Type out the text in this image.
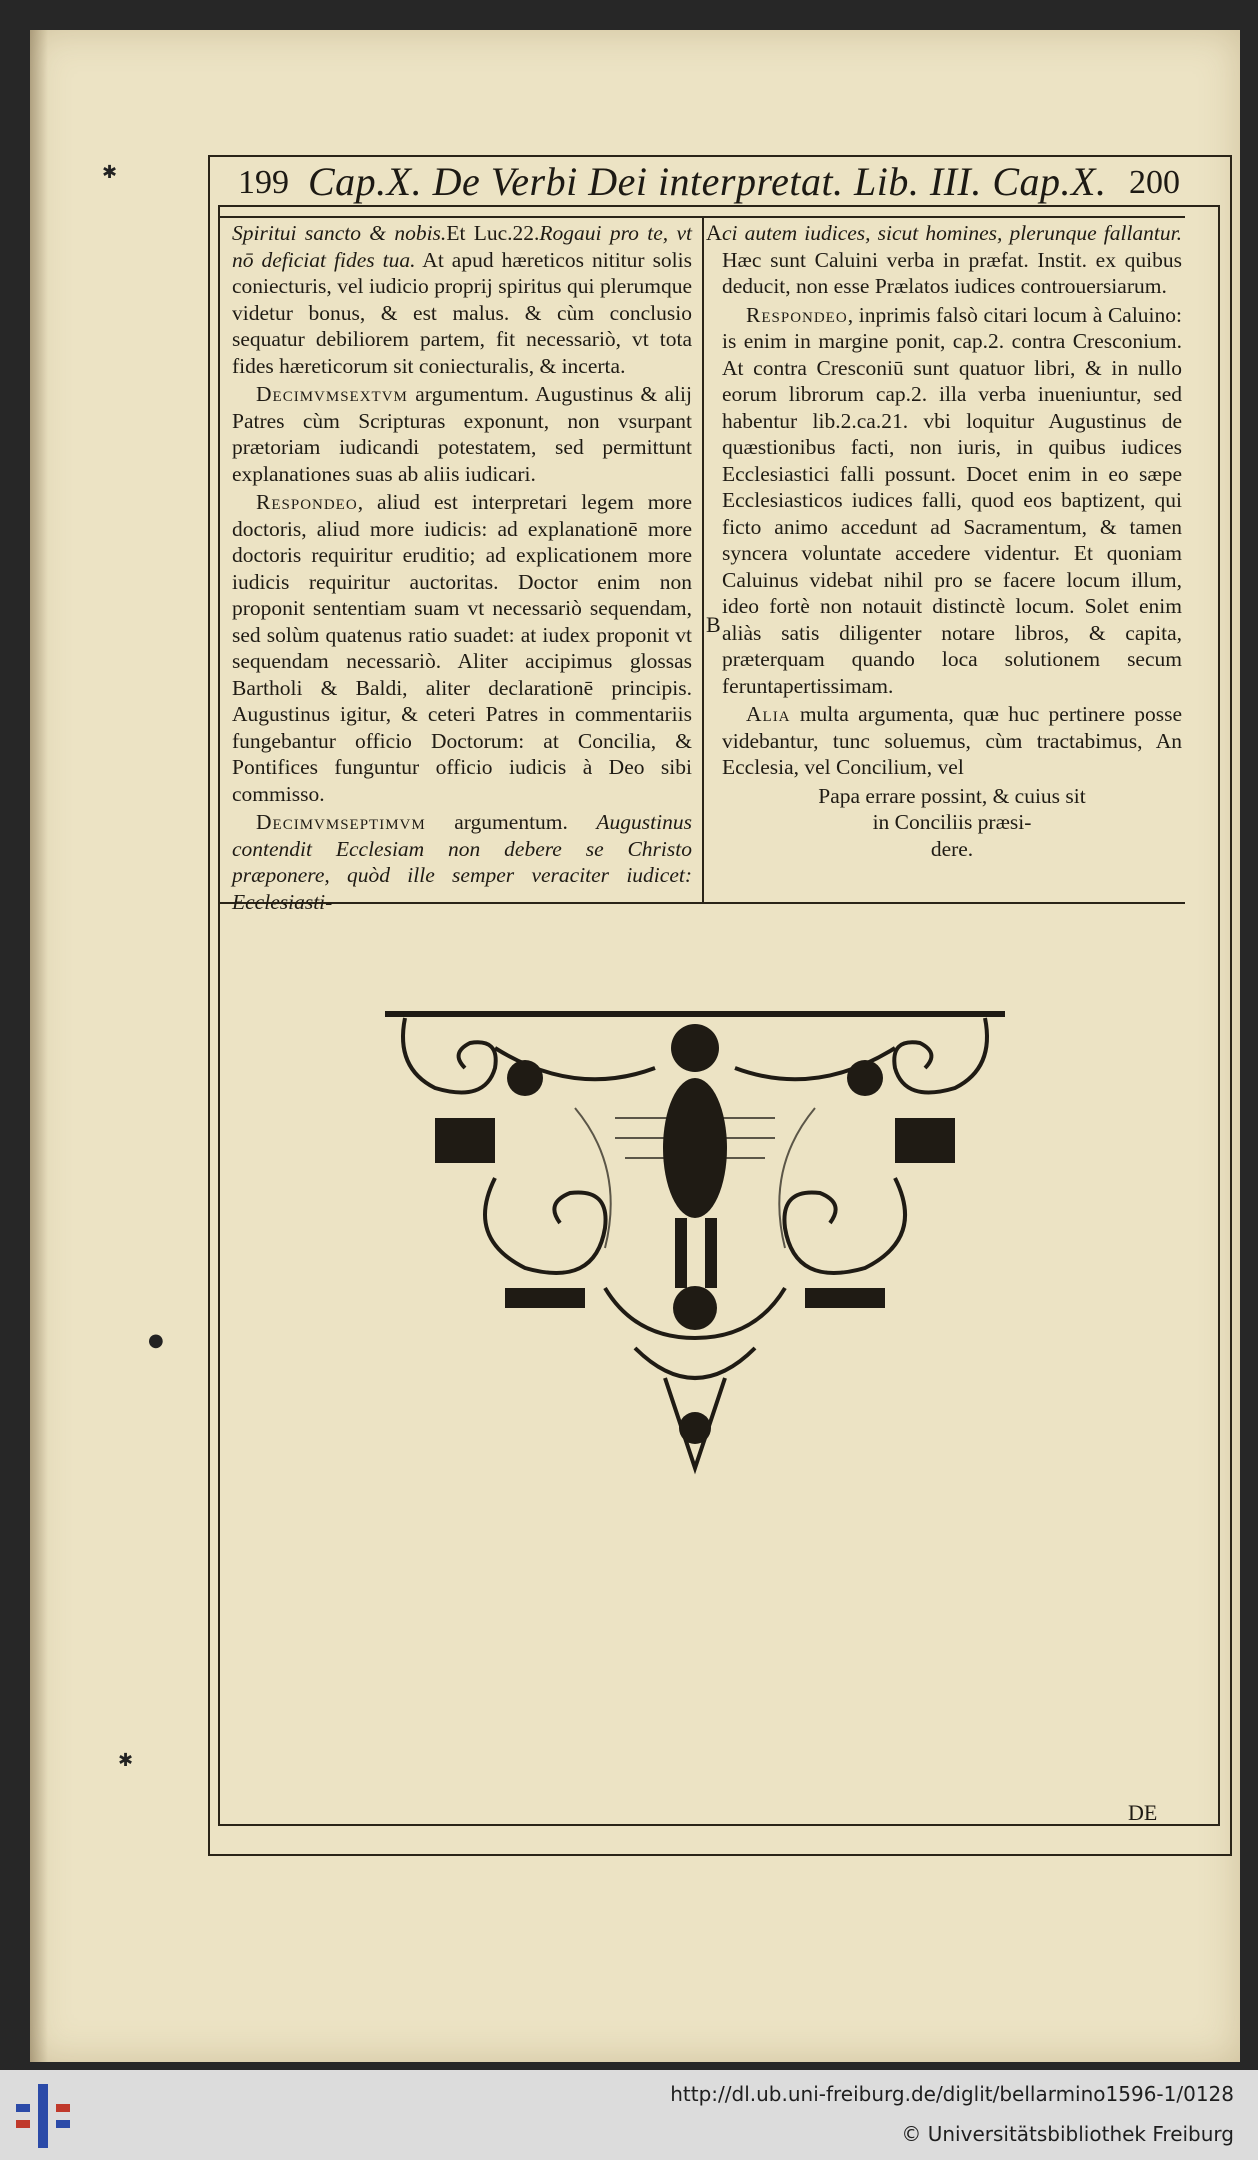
✱
●
✱
199 Cap.X. De Verbi Dei interpretat. Lib. III. Cap.X. 200
A
B

Spiritui sancto & nobis.Et Luc.22.Rogaui pro te, vt nō deficiat fides tua. At apud hæreticos nititur solis coniecturis, vel iudicio proprij spiritus qui plerumque videtur bonus, & est malus. & cùm conclusio sequatur debiliorem partem, fit necessariò, vt tota fides hæreticorum sit coniecturalis, & incerta.

Decimvmsextvm argumentum. Augustinus & alij Patres cùm Scripturas exponunt, non vsurpant prætoriam iudicandi potestatem, sed permittunt explanationes suas ab aliis iudicari.

Respondeo, aliud est interpretari legem more doctoris, aliud more iudicis: ad explanationē more doctoris requiritur eruditio; ad explicationem more iudicis requiritur auctoritas. Doctor enim non proponit sententiam suam vt necessariò sequendam, sed solùm quatenus ratio suadet: at iudex proponit vt sequendam necessariò. Aliter accipimus glossas Bartholi & Baldi, aliter declarationē principis. Augustinus igitur, & ceteri Patres in commentariis fungebantur officio Doctorum: at Concilia, & Pontifices funguntur officio iudicis à Deo sibi commisso.

Decimvmseptimvm argumentum. Augustinus contendit Ecclesiam non debere se Christo præponere, quòd ille semper veraciter iudicet: Ecclesiasti-

ci autem iudices, sicut homines, plerunque fallantur. Hæc sunt Caluini verba in præfat. Instit. ex quibus deducit, non esse Prælatos iudices controuersiarum.

Respondeo, inprimis falsò citari locum à Caluino: is enim in margine ponit, cap.2. contra Cresconium. At contra Cresconiū sunt quatuor libri, & in nullo eorum librorum cap.2. illa verba inueniuntur, sed habentur lib.2.ca.21. vbi loquitur Augustinus de quæstionibus facti, non iuris, in quibus iudices Ecclesiastici falli possunt. Docet enim in eo sæpe Ecclesiasticos iudices falli, quod eos baptizent, qui ficto animo accedunt ad Sacramentum, & tamen syncera voluntate accedere videntur. Et quoniam Caluinus videbat nihil pro se facere locum illum, ideo fortè non notauit distinctè locum. Solet enim aliàs satis diligenter notare libros, & capita, præterquam quando loca solutionem secum feruntapertissimam.

Alia multa argumenta, quæ huc pertinere posse videbantur, tunc soluemus, cùm tractabimus, An Ecclesia, vel Concilium, vel

Papa errare possint, & cuius sit
in Conciliis præsi-
dere.
DE
http://dl.ub.uni-freiburg.de/diglit/bellarmino1596-1/0128
© Universitätsbibliothek Freiburg
